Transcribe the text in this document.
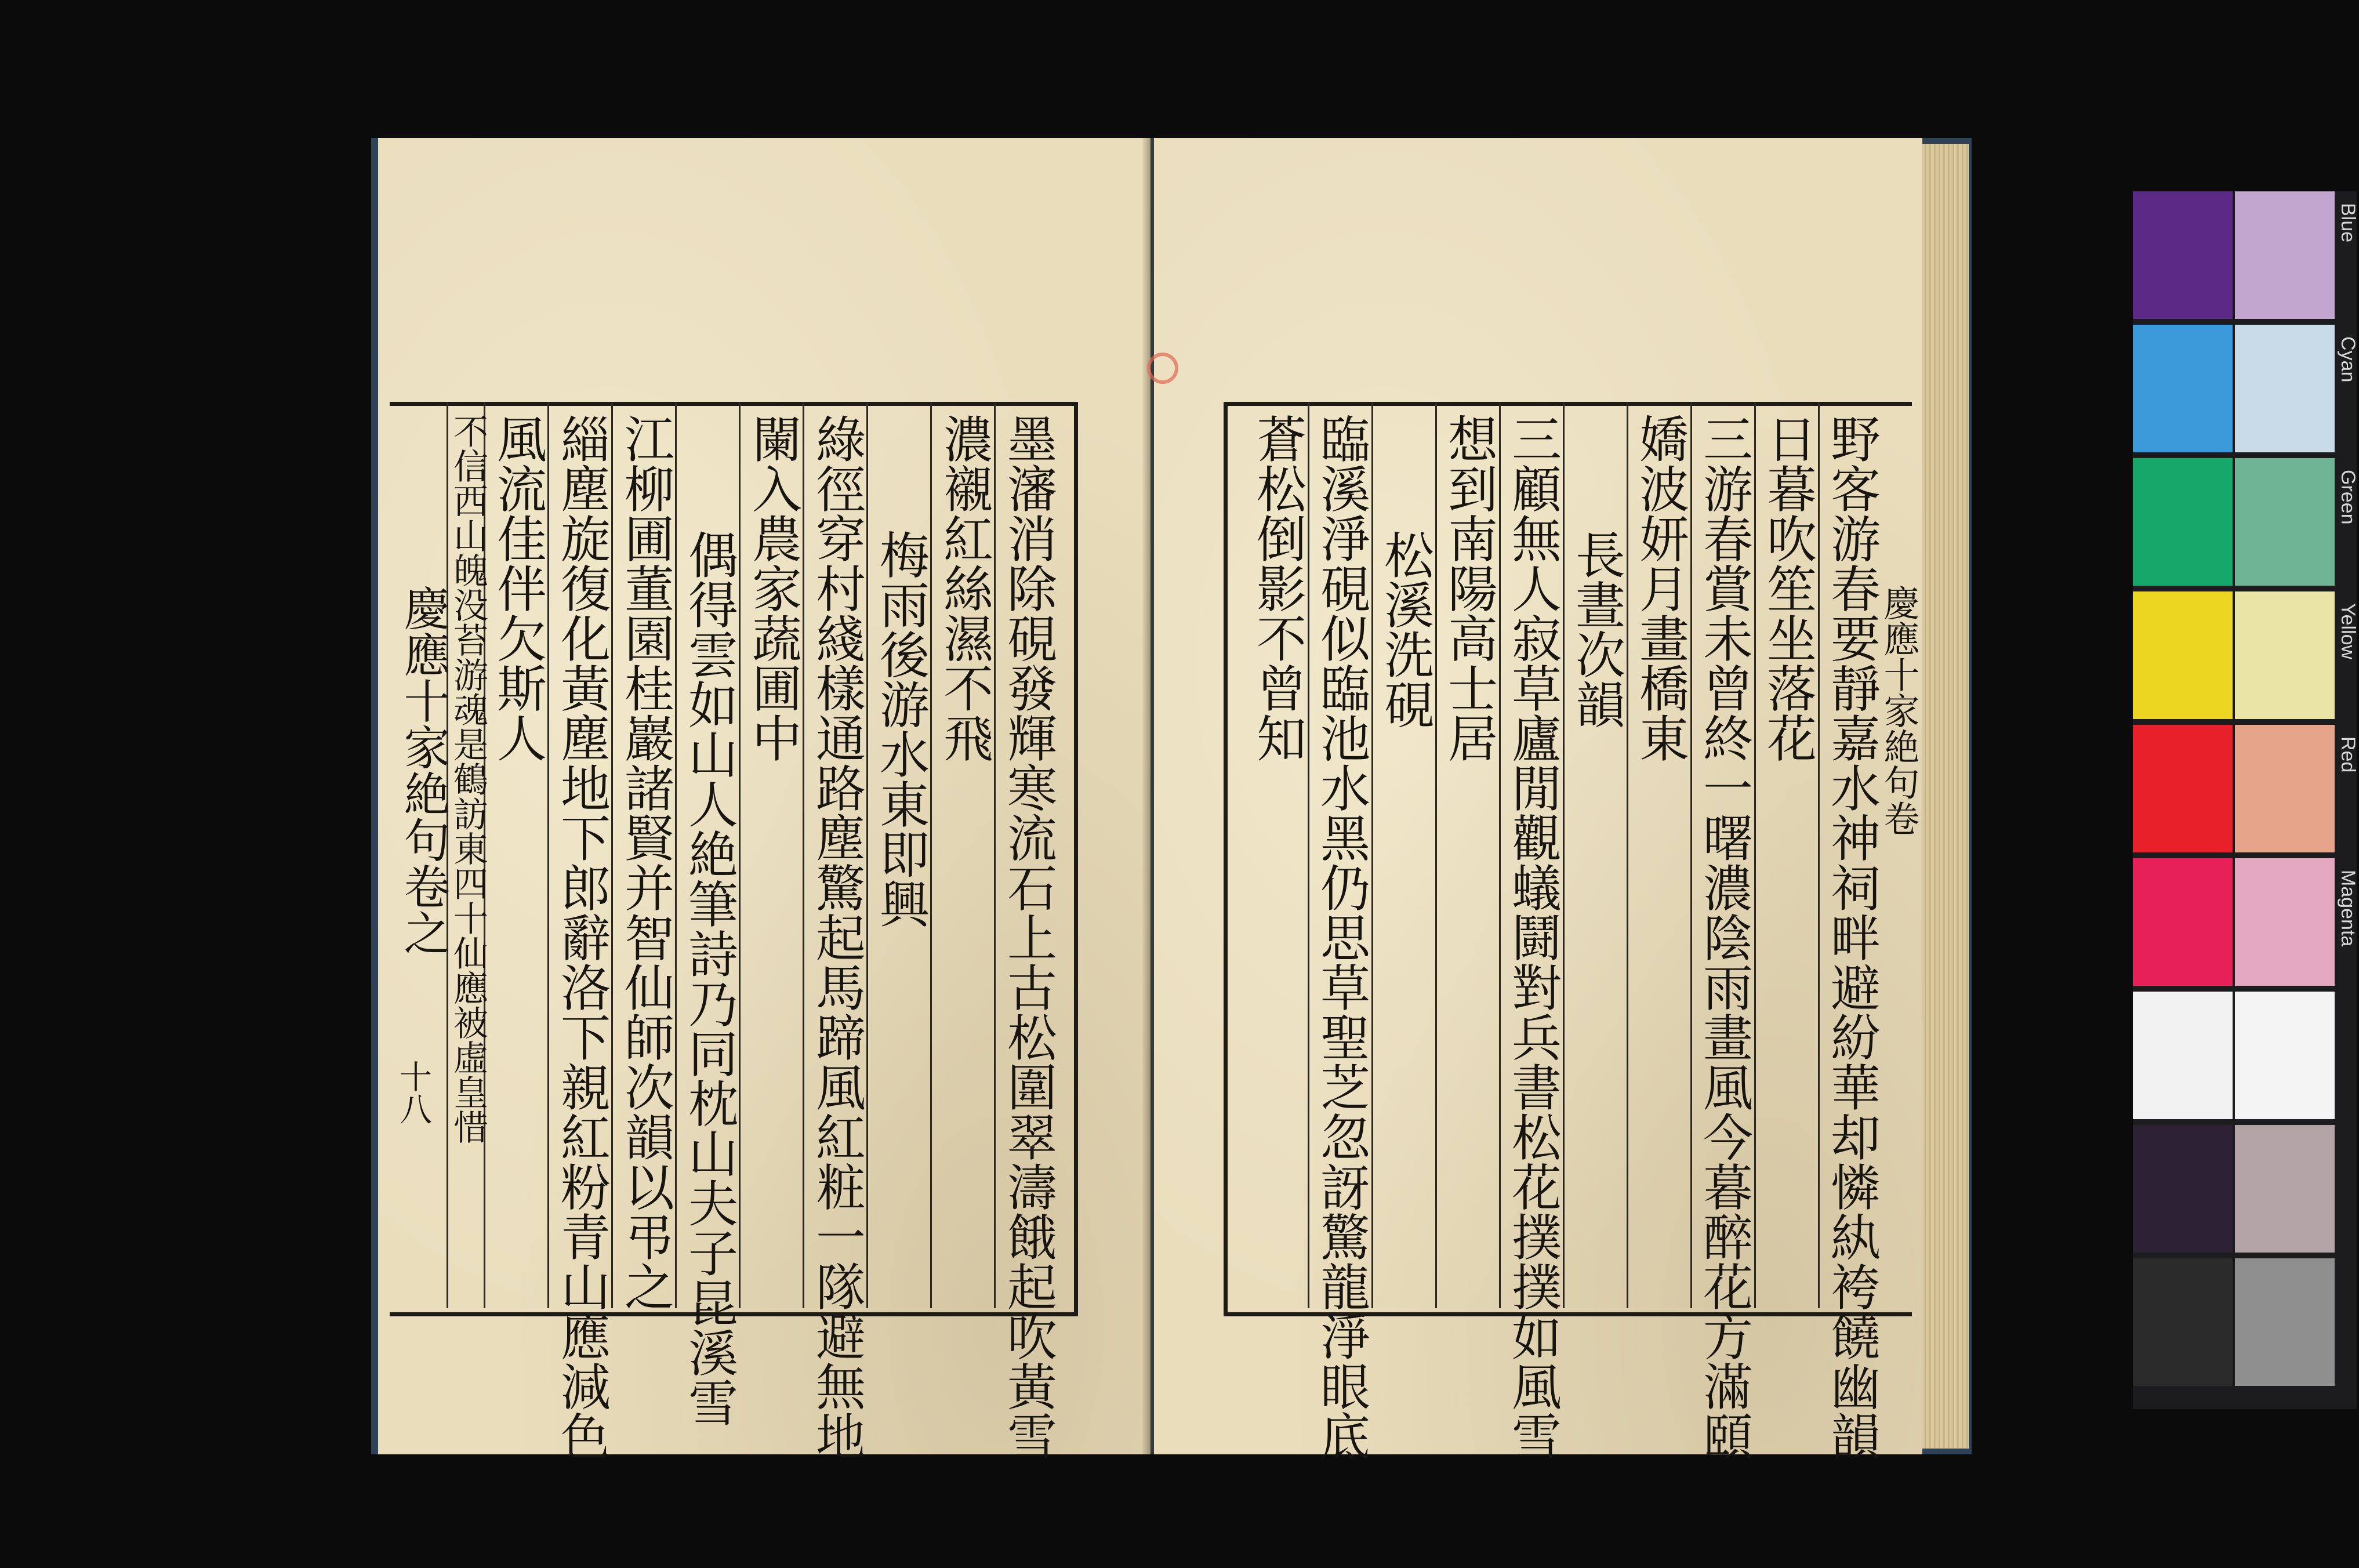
慶應十家絶句卷之
十八	墨瀋消除硯發輝寒流石上古松圍翠濤餓起吹黃雪
濃襯紅絲濕不飛
梅雨後游水東即興
綠徑穿村綫樣通路塵驚起馬蹄風紅粧一隊避無地
闌入農家蔬圃中
偶得雲如山人絶筆詩乃同枕山夫子昆溪雪
江柳圃董園桂巖諸賢并智仙師次韻以弔之
緇塵旋復化黃塵地下郎辭洛下親紅粉青山應減色
風流佳伴欠斯人
不信西山魄没苔游魂是鶴訪東四十仙應被虛皇惜	慶應十家絶句卷
野客游春要靜嘉水神祠畔避紛華却憐紈袴饒幽韻
日暮吹笙坐落花
三游春賞未曾終一曙濃陰雨畫風今暮醉花方滿頤
嬌波妍月畫橋東
長晝次韻
三顧無人寂草廬閒觀蟻鬪對兵書松花撲撲如風雪
想到南陽高士居
松溪洗硯
臨溪淨硯似臨池水黑仍思草聖芝忽訝驚龍淨眼底
蒼松倒影不曾知
Blue
Cyan
Green
Yellow
Red
Magenta
